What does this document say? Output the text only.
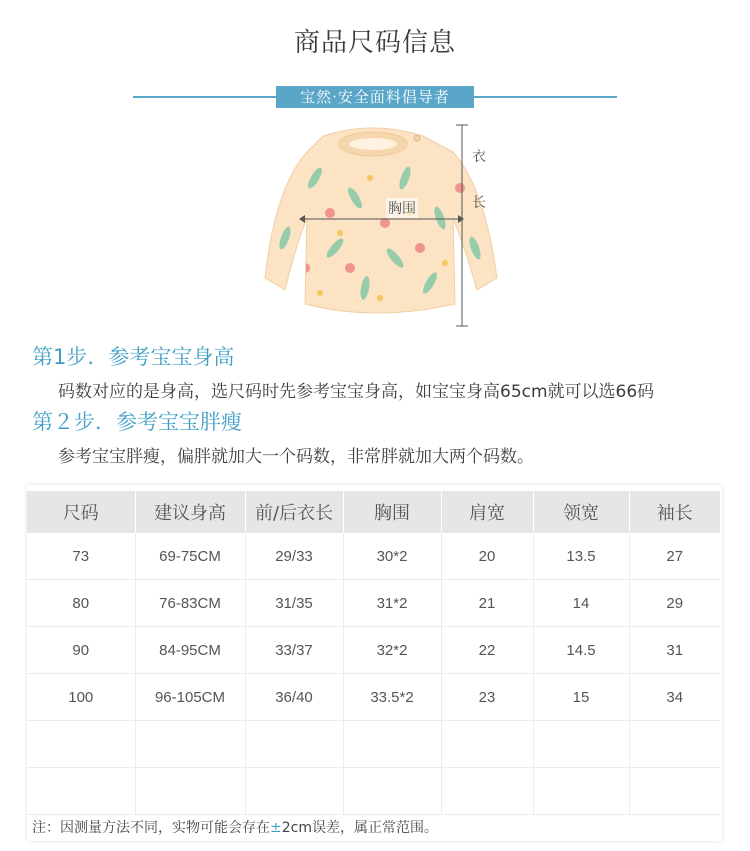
商品尺码信息
宝然·安全面料倡导者
衣
长
胸围
第1步．参考宝宝身高
码数对应的是身高，选尺码时先参考宝宝身高，如宝宝身高65cm就可以选66码
第２步．参考宝宝胖瘦
参考宝宝胖瘦，偏胖就加大一个码数，非常胖就加大两个码数。
尺码	建议身高	前/后衣长	胸围	肩宽	领宽	袖长
73	69-75CM	29/33	30*2	20	13.5	27
80	76-83CM	31/35	31*2	21	14	29
90	84-95CM	33/37	32*2	22	14.5	31
100	96-105CM	36/40	33.5*2	23	15	34

注：因测量方法不同，实物可能会存在±2cm误差，属正常范围。
